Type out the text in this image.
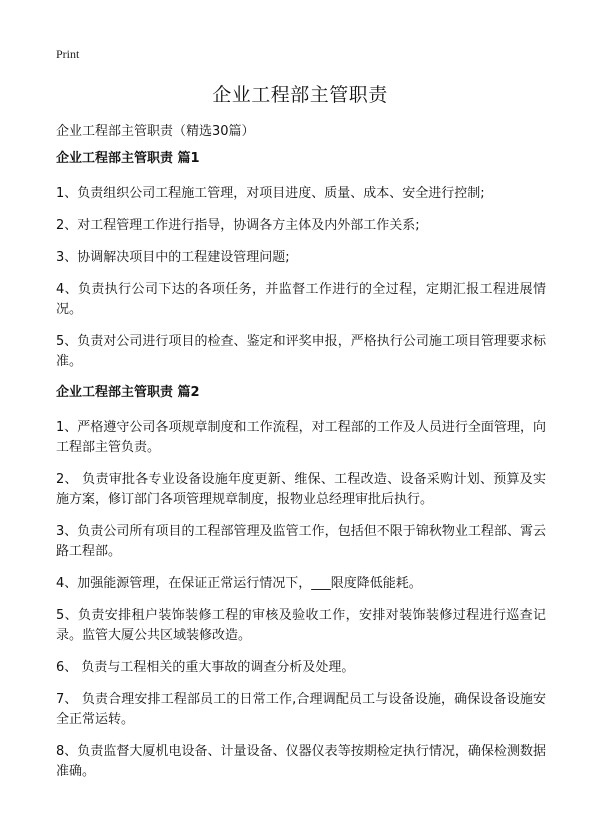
Print
企业工程部主管职责
企业工程部主管职责（精选30篇）
企业工程部主管职责 篇1

1、负责组织公司工程施工管理，对项目进度、质量、成本、安全进行控制;

2、对工程管理工作进行指导，协调各方主体及内外部工作关系;

3、协调解决项目中的工程建设管理问题;

4、负责执行公司下达的各项任务，并监督工作进行的全过程，定期汇报工程进展情况。

5、负责对公司进行项目的检查、鉴定和评奖申报，严格执行公司施工项目管理要求标准。

企业工程部主管职责 篇2

1、严格遵守公司各项规章制度和工作流程，对工程部的工作及人员进行全面管理，向工程部主管负责。

2、 负责审批各专业设备设施年度更新、维保、工程改造、设备采购计划、预算及实施方案，修订部门各项管理规章制度，报物业总经理审批后执行。

3、负责公司所有项目的工程部管理及监管工作，包括但不限于锦秋物业工程部、霄云路工程部。

4、加强能源管理，在保证正常运行情况下，___限度降低能耗。

5、负责安排租户装饰装修工程的审核及验收工作，安排对装饰装修过程进行巡查记录。监管大厦公共区域装修改造。

6、 负责与工程相关的重大事故的调查分析及处理。

7、 负责合理安排工程部员工的日常工作,合理调配员工与设备设施，确保设备设施安全正常运转。

8、负责监督大厦机电设备、计量设备、仪器仪表等按期检定执行情况，确保检测数据准确。
